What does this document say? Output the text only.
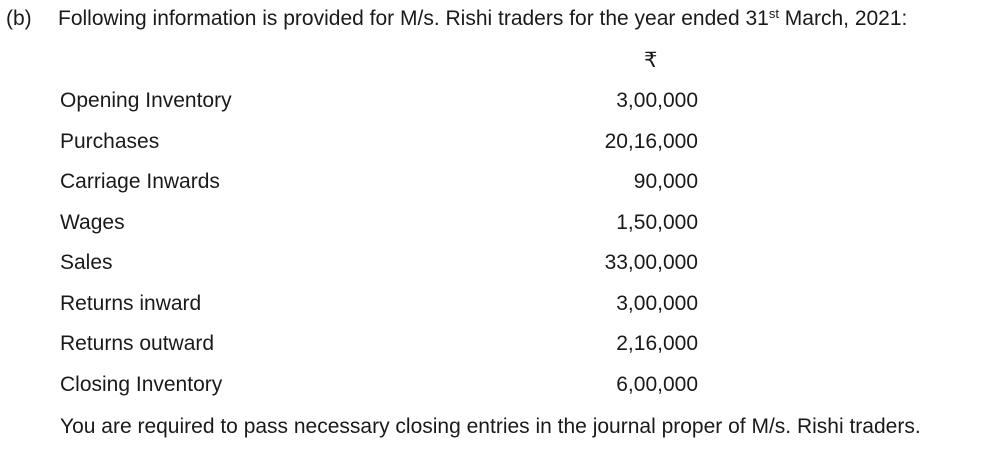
(b) Following information is provided for M/s. Rishi traders for the year ended 31st March, 2021:
₹
Opening Inventory	3,00,000
Purchases	20,16,000
Carriage Inwards	90,000
Wages	1,50,000
Sales	33,00,000
Returns inward	3,00,000
Returns outward	2,16,000
Closing Inventory	6,00,000
You are required to pass necessary closing entries in the journal proper of M/s. Rishi traders.
